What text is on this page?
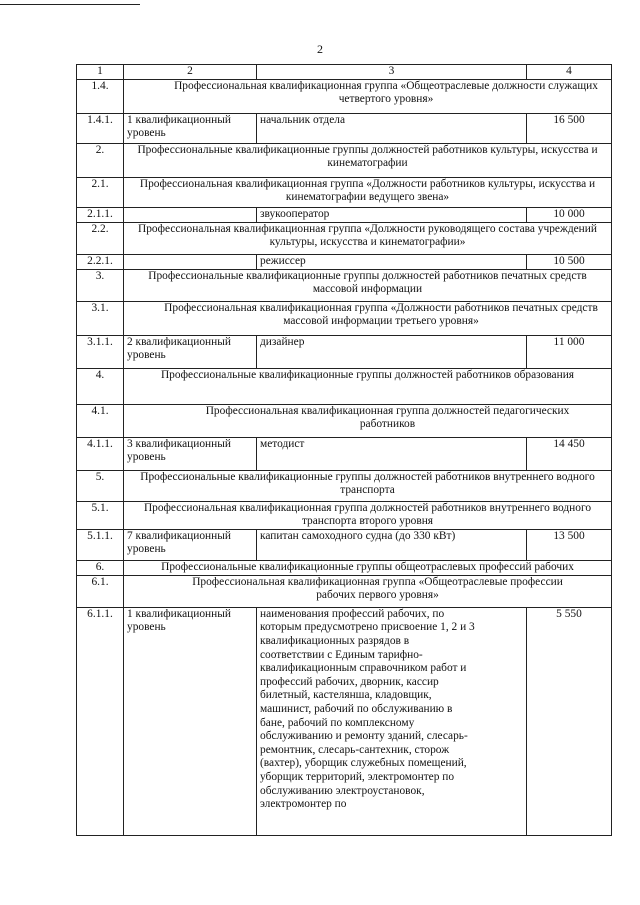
2
1	2	3	4
1.4.	Профессиональная квалификационная группа «Общеотраслевые должности служащих четвертого уровня»		
1.4.1.	1 квалификационный уровень	начальник отдела	16 500
2.	Профессиональные квалификационные группы должностей работников культуры, искусства и кинематографии		
2.1.	Профессиональная квалификационная группа «Должности работников культуры, искусства и кинематографии ведущего звена»		
2.1.1.		звукооператор	10 000
2.2.	Профессиональная квалификационная группа «Должности руководящего состава учреждений культуры, искусства и кинематографии»		
2.2.1.		режиссер	10 500
3.	Профессиональные квалификационные группы должностей работников печатных средств массовой информации		
3.1.	Профессиональная квалификационная группа «Должности работников печатных средств массовой информации третьего уровня»		
3.1.1.	2 квалификационный уровень	дизайнер	11 000
4.	Профессиональные квалификационные группы должностей работников образования		
4.1.	Профессиональная квалификационная группа должностей педагогических работников		
4.1.1.	3 квалификационный уровень	методист	14 450
5.	Профессиональные квалификационные группы должностей работников внутреннего водного транспорта		
5.1.	Профессиональная квалификационная группа должностей работников внутреннего водного транспорта второго уровня		
5.1.1.	7 квалификационный уровень	капитан самоходного судна (до 330 кВт)	13 500
6.	Профессиональные квалификационные группы общеотраслевых профессий рабочих		
6.1.	Профессиональная квалификационная группа «Общеотраслевые профессии рабочих первого уровня»		
6.1.1.	1 квалификационный уровень	наименования профессий рабочих, по которым предусмотрено присвоение 1, 2 и 3 квалификационных разрядов в соответствии с Единым тарифно-квалификационным справочником работ и профессий рабочих, дворник, кассир билетный, кастелянша, кладовщик, машинист, рабочий по обслуживанию в бане, рабочий по комплексному обслуживанию и ремонту зданий, слесарь-ремонтник, слесарь-сантехник, сторож (вахтер), уборщик служебных помещений, уборщик территорий, электромонтер по обслуживанию электроустановок, электромонтер по	5 550
